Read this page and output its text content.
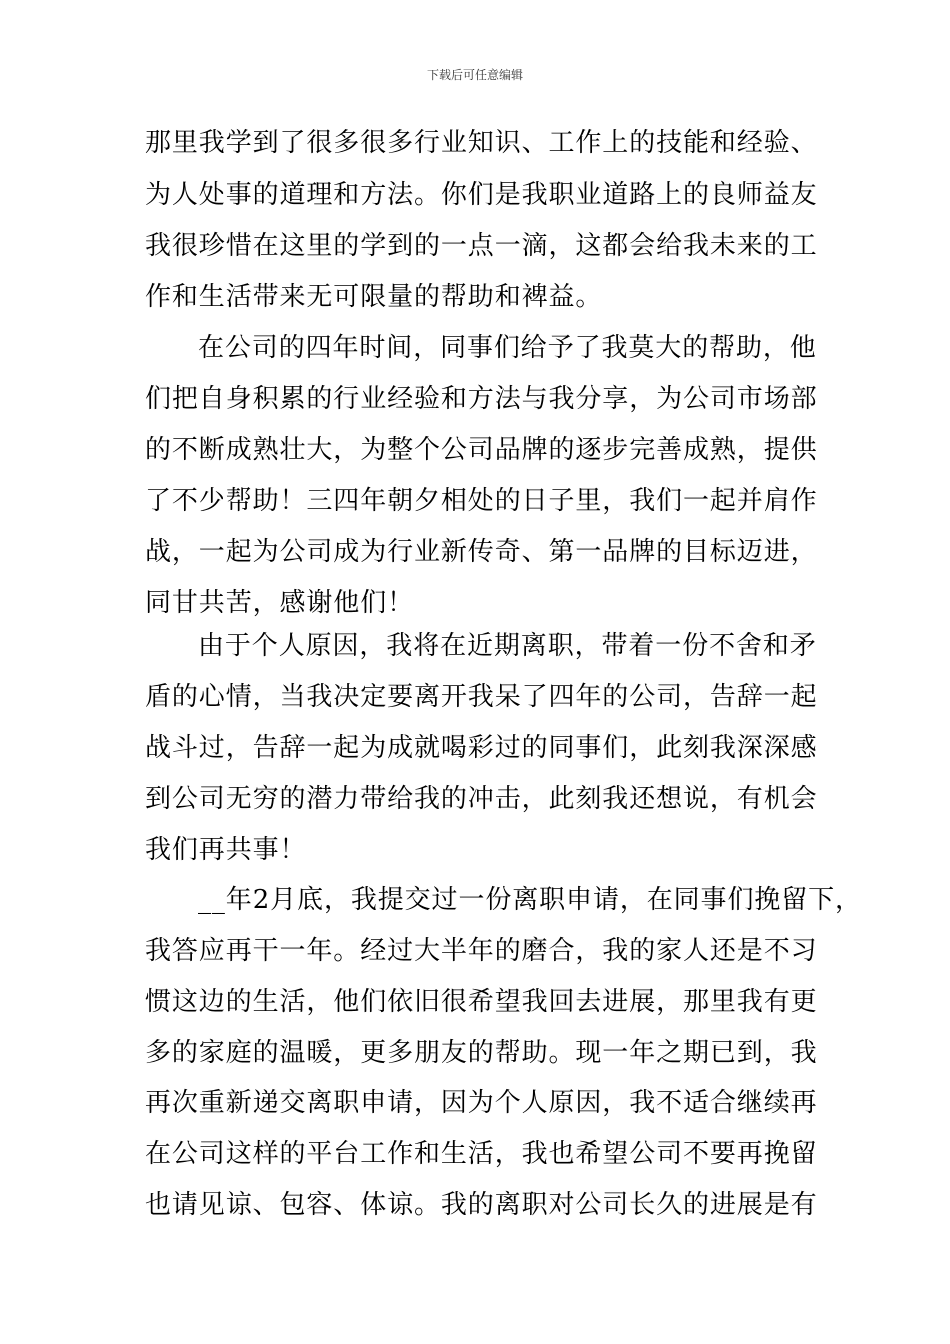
下载后可任意编辑
那里我学到了很多很多行业知识、工作上的技能和经验、
为人处事的道理和方法。你们是我职业道路上的良师益友
我很珍惜在这里的学到的一点一滴，这都会给我未来的工
作和生活带来无可限量的帮助和裨益。
在公司的四年时间，同事们给予了我莫大的帮助，他
们把自身积累的行业经验和方法与我分享，为公司市场部
的不断成熟壮大，为整个公司品牌的逐步完善成熟，提供
了不少帮助！三四年朝夕相处的日子里，我们一起并肩作
战，一起为公司成为行业新传奇、第一品牌的目标迈进，
同甘共苦，感谢他们！
由于个人原因，我将在近期离职，带着一份不舍和矛
盾的心情，当我决定要离开我呆了四年的公司，告辞一起
战斗过，告辞一起为成就喝彩过的同事们，此刻我深深感
到公司无穷的潜力带给我的冲击，此刻我还想说，有机会
我们再共事！
__年2月底，我提交过一份离职申请，在同事们挽留下，
我答应再干一年。经过大半年的磨合，我的家人还是不习
惯这边的生活，他们依旧很希望我回去进展，那里我有更
多的家庭的温暖，更多朋友的帮助。现一年之期已到，我
再次重新递交离职申请，因为个人原因，我不适合继续再
在公司这样的平台工作和生活，我也希望公司不要再挽留
也请见谅、包容、体谅。我的离职对公司长久的进展是有
